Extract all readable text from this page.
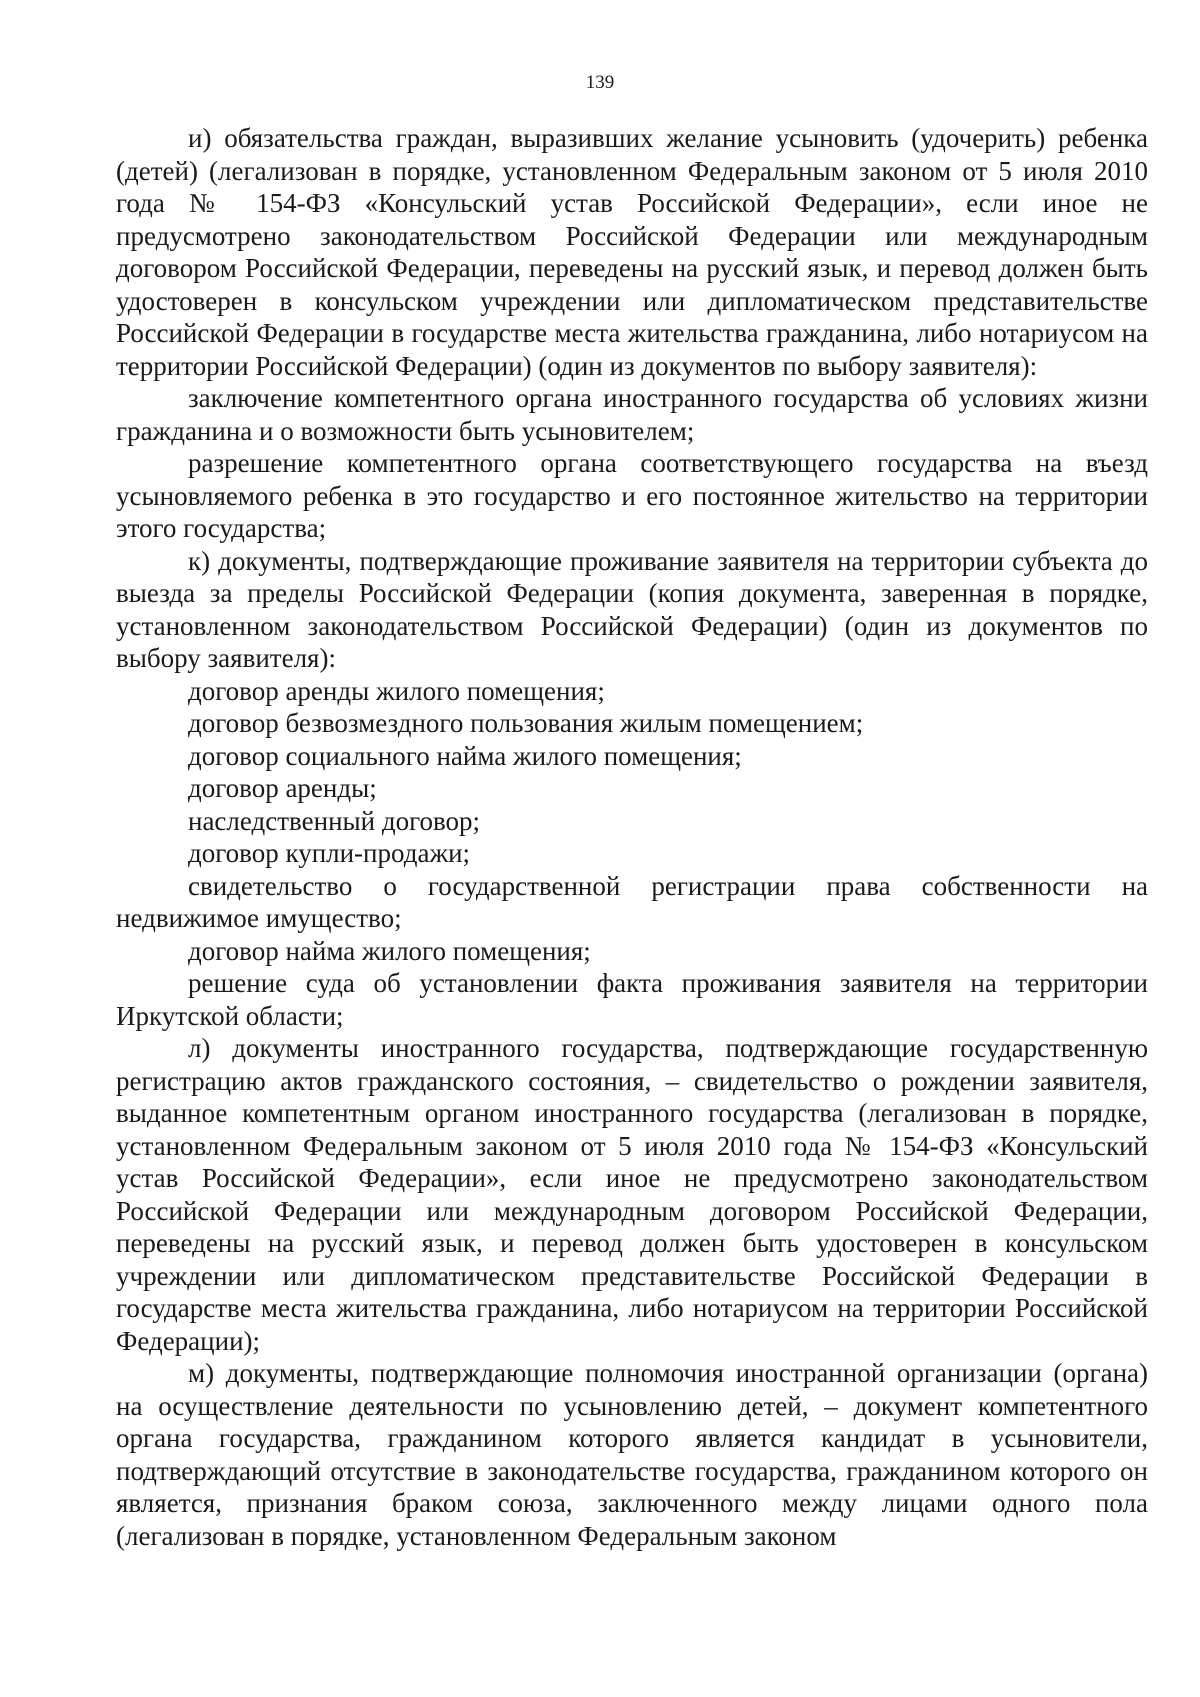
139

и) обязательства граждан, выразивших желание усыновить (удочерить) ребенка (детей) (легализован в порядке, установленном Федеральным законом от 5 июля 2010 года № 154-ФЗ «Консульский устав Российской Федерации», если иное не предусмотрено законодательством Российской Федерации или международным договором Российской Федерации, переведены на русский язык, и перевод должен быть удостоверен в консульском учреждении или дипломатическом представительстве Российской Федерации в государстве места жительства гражданина, либо нотариусом на территории Российской Федерации) (один из документов по выбору заявителя):

заключение компетентного органа иностранного государства об условиях жизни гражданина и о возможности быть усыновителем;

разрешение компетентного органа соответствующего государства на въезд усыновляемого ребенка в это государство и его постоянное жительство на территории этого государства;

к) документы, подтверждающие проживание заявителя на территории субъекта до выезда за пределы Российской Федерации (копия документа, заверенная в порядке, установленном законодательством Российской Федерации) (один из документов по выбору заявителя):

договор аренды жилого помещения;

договор безвозмездного пользования жилым помещением;

договор социального найма жилого помещения;

договор аренды;

наследственный договор;

договор купли-продажи;

свидетельство о государственной регистрации права собственности на недвижимое имущество;

договор найма жилого помещения;

решение суда об установлении факта проживания заявителя на территории Иркутской области;

л) документы иностранного государства, подтверждающие государственную регистрацию актов гражданского состояния, – свидетельство о рождении заявителя, выданное компетентным органом иностранного государства (легализован в порядке, установленном Федеральным законом от 5 июля 2010 года № 154-ФЗ «Консульский устав Российской Федерации», если иное не предусмотрено законодательством Российской Федерации или международным договором Российской Федерации, переведены на русский язык, и перевод должен быть удостоверен в консульском учреждении или дипломатическом представительстве Российской Федерации в государстве места жительства гражданина, либо нотариусом на территории Российской Федерации);

м) документы, подтверждающие полномочия иностранной организации (органа) на осуществление деятельности по усыновлению детей, – документ компетентного органа государства, гражданином которого является кандидат в усыновители, подтверждающий отсутствие в законодательстве государства, гражданином которого он является, признания браком союза, заключенного между лицами одного пола (легализован в порядке, установленном Федеральным законом
